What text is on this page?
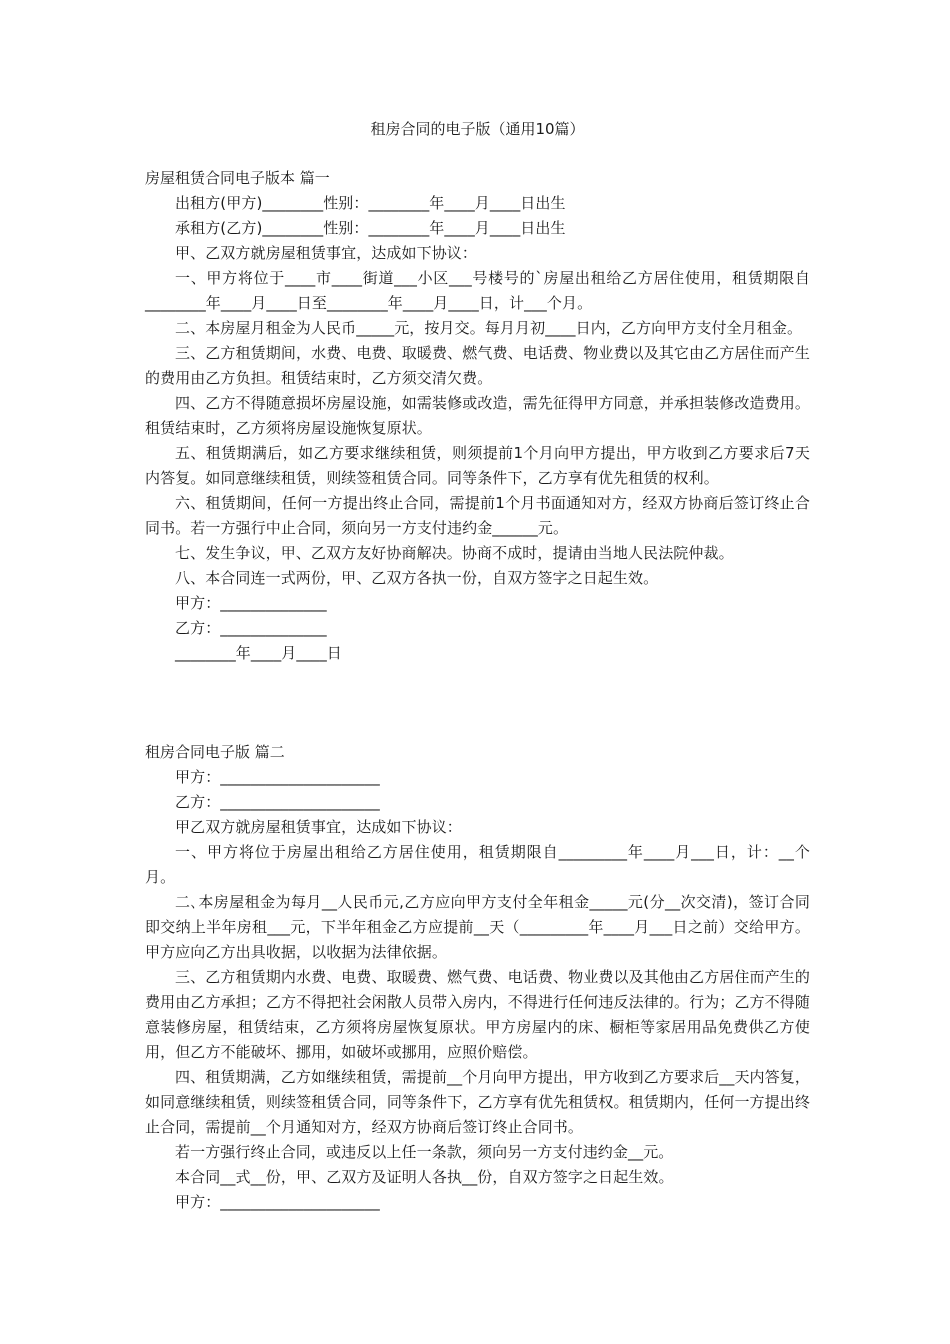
租房合同的电子版（通用10篇）
房屋租赁合同电子版本 篇一

出租方(甲方)________性别：________年____月____日出生

承租方(乙方)________性别：________年____月____日出生

甲、乙双方就房屋租赁事宜，达成如下协议：

一、甲方将位于____市____街道___小区___号楼号的`房屋出租给乙方居住使用，租赁期限自________年____月____日至________年____月____日，计___个月。

二、本房屋月租金为人民币_____元，按月交。每月月初____日内，乙方向甲方支付全月租金。

三、乙方租赁期间，水费、电费、取暖费、燃气费、电话费、物业费以及其它由乙方居住而产生的费用由乙方负担。租赁结束时，乙方须交清欠费。

四、乙方不得随意损坏房屋设施，如需装修或改造，需先征得甲方同意，并承担装修改造费用。租赁结束时，乙方须将房屋设施恢复原状。

五、租赁期满后，如乙方要求继续租赁，则须提前1个月向甲方提出，甲方收到乙方要求后7天内答复。如同意继续租赁，则续签租赁合同。同等条件下，乙方享有优先租赁的权利。

六、租赁期间，任何一方提出终止合同，需提前1个月书面通知对方，经双方协商后签订终止合同书。若一方强行中止合同，须向另一方支付违约金______元。

七、发生争议，甲、乙双方友好协商解决。协商不成时，提请由当地人民法院仲裁。

八、本合同连一式两份，甲、乙双方各执一份，自双方签字之日起生效。

甲方：______________

乙方：______________

________年____月____日

租房合同电子版 篇二

甲方：_____________________

乙方：_____________________

甲乙双方就房屋租赁事宜，达成如下协议：

一、甲方将位于房屋出租给乙方居住使用，租赁期限自_________年____月___日，计：__个月。

二､本房屋租金为每月__人民币元,乙方应向甲方支付全年租金_____元(分__次交清)，签订合同即交纳上半年房租___元，下半年租金乙方应提前__天（_________年____月___日之前）交给甲方。甲方应向乙方出具收据，以收据为法律依据。

三、乙方租赁期内水费、电费、取暖费、燃气费、电话费、物业费以及其他由乙方居住而产生的费用由乙方承担；乙方不得把社会闲散人员带入房内，不得进行任何违反法律的。行为；乙方不得随意装修房屋，租赁结束，乙方须将房屋恢复原状。甲方房屋内的床、橱柜等家居用品免费供乙方使用，但乙方不能破坏、挪用，如破坏或挪用，应照价赔偿。

四、租赁期满，乙方如继续租赁，需提前__个月向甲方提出，甲方收到乙方要求后__天内答复，如同意继续租赁，则续签租赁合同，同等条件下，乙方享有优先租赁权。租赁期内，任何一方提出终止合同，需提前__个月通知对方，经双方协商后签订终止合同书。

若一方强行终止合同，或违反以上任一条款，须向另一方支付违约金__元。

本合同__式__份，甲、乙双方及证明人各执__份，自双方签字之日起生效。

甲方：_____________________
